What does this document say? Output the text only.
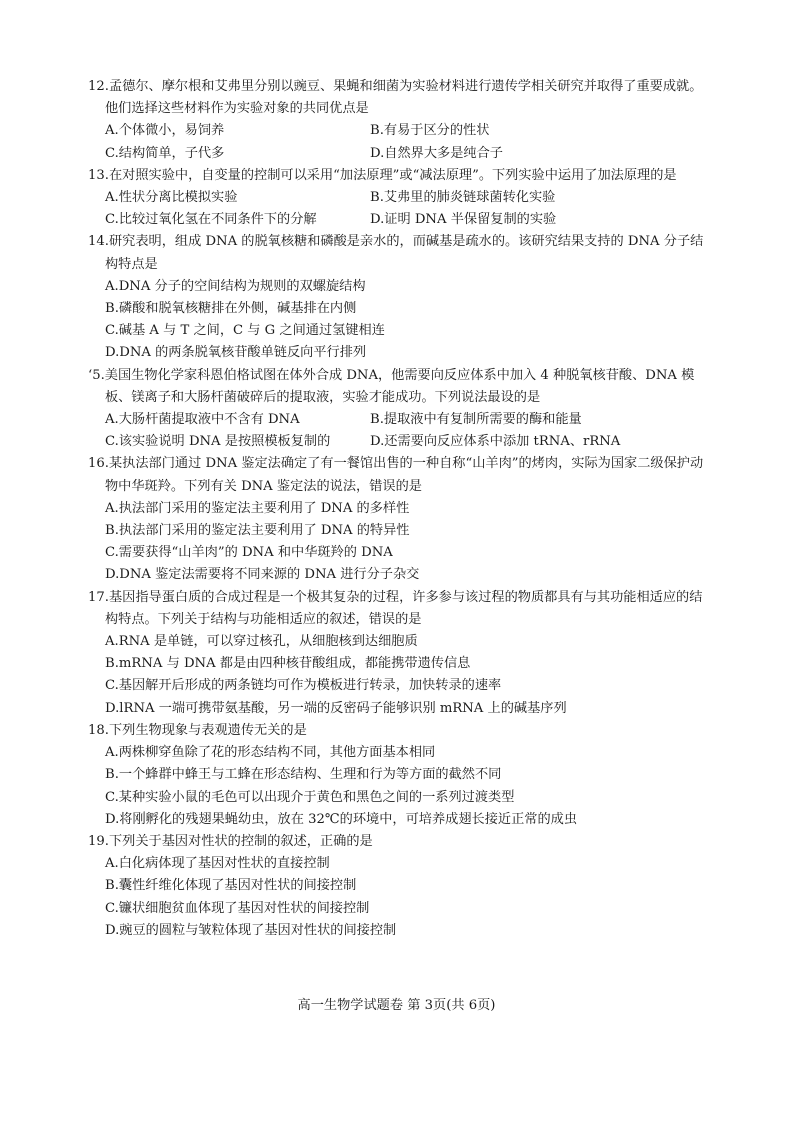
12.孟德尔、摩尔根和艾弗里分别以豌豆、果蝇和细菌为实验材料进行遗传学相关研究并取得了重要成就。他们选择这些材料作为实验对象的共同优点是

A.个体微小，易饲养	B.有易于区分的性状
C.结构简单，子代多	D.自然界大多是纯合子

13.在对照实验中，自变量的控制可以采用“加法原理”或“减法原理”。下列实验中运用了加法原理的是

A.性状分离比模拟实验	B.艾弗里的肺炎链球菌转化实验
C.比较过氧化氢在不同条件下的分解	D.证明 DNA 半保留复制的实验

14.研究表明，组成 DNA 的脱氧核糖和磷酸是亲水的，而碱基是疏水的。该研究结果支持的 DNA 分子结构特点是

A.DNA 分子的空间结构为规则的双螺旋结构
B.磷酸和脱氧核糖排在外侧，碱基排在内侧
C.碱基 A 与 T 之间，C 与 G 之间通过氢键相连
D.DNA 的两条脱氧核苷酸单链反向平行排列

‘5.美国生物化学家科恩伯格试图在体外合成 DNA，他需要向反应体系中加入 4 种脱氧核苷酸、DNA 模板、镁离子和大肠杆菌破碎后的提取液，实验才能成功。下列说法最设的是

A.大肠杆菌提取液中不含有 DNA	B.提取液中有复制所需要的酶和能量
C.该实验说明 DNA 是按照模板复制的	D.还需要向反应体系中添加 tRNA、rRNA

16.某执法部门通过 DNA 鉴定法确定了有一餐馆出售的一种自称“山羊肉”的烤肉，实际为国家二级保护动物中华斑羚。下列有关 DNA 鉴定法的说法，错误的是

A.执法部门采用的鉴定法主要利用了 DNA 的多样性
B.执法部门采用的鉴定法主要利用了 DNA 的特异性
C.需要获得“山羊肉”的 DNA 和中华斑羚的 DNA
D.DNA 鉴定法需要将不同来源的 DNA 进行分子杂交

17.基因指导蛋白质的合成过程是一个极其复杂的过程，许多参与该过程的物质都具有与其功能相适应的结构特点。下列关于结构与功能相适应的叙述，错误的是

A.RNA 是单链，可以穿过核孔，从细胞核到达细胞质
B.mRNA 与 DNA 都是由四种核苷酸组成，都能携带遗传信息
C.基因解开后形成的两条链均可作为模板进行转录，加快转录的速率
D.lRNA 一端可携带氨基酸，另一端的反密码子能够识别 mRNA 上的碱基序列

18.下列生物现象与表观遗传无关的是

A.两株柳穿鱼除了花的形态结构不同，其他方面基本相同
B.一个蜂群中蜂王与工蜂在形态结构、生理和行为等方面的截然不同
C.某种实验小鼠的毛色可以出现介于黄色和黑色之间的一系列过渡类型
D.将刚孵化的残翅果蝇幼虫，放在 32℃的环境中，可培养成翅长接近正常的成虫

19.下列关于基因对性状的控制的叙述，正确的是

A.白化病体现了基因对性状的直接控制
B.囊性纤维化体现了基因对性状的间接控制
C.镰状细胞贫血体现了基因对性状的间接控制
D.豌豆的圆粒与皱粒体现了基因对性状的间接控制
高一生物学试题卷 第 3页(共 6页)
